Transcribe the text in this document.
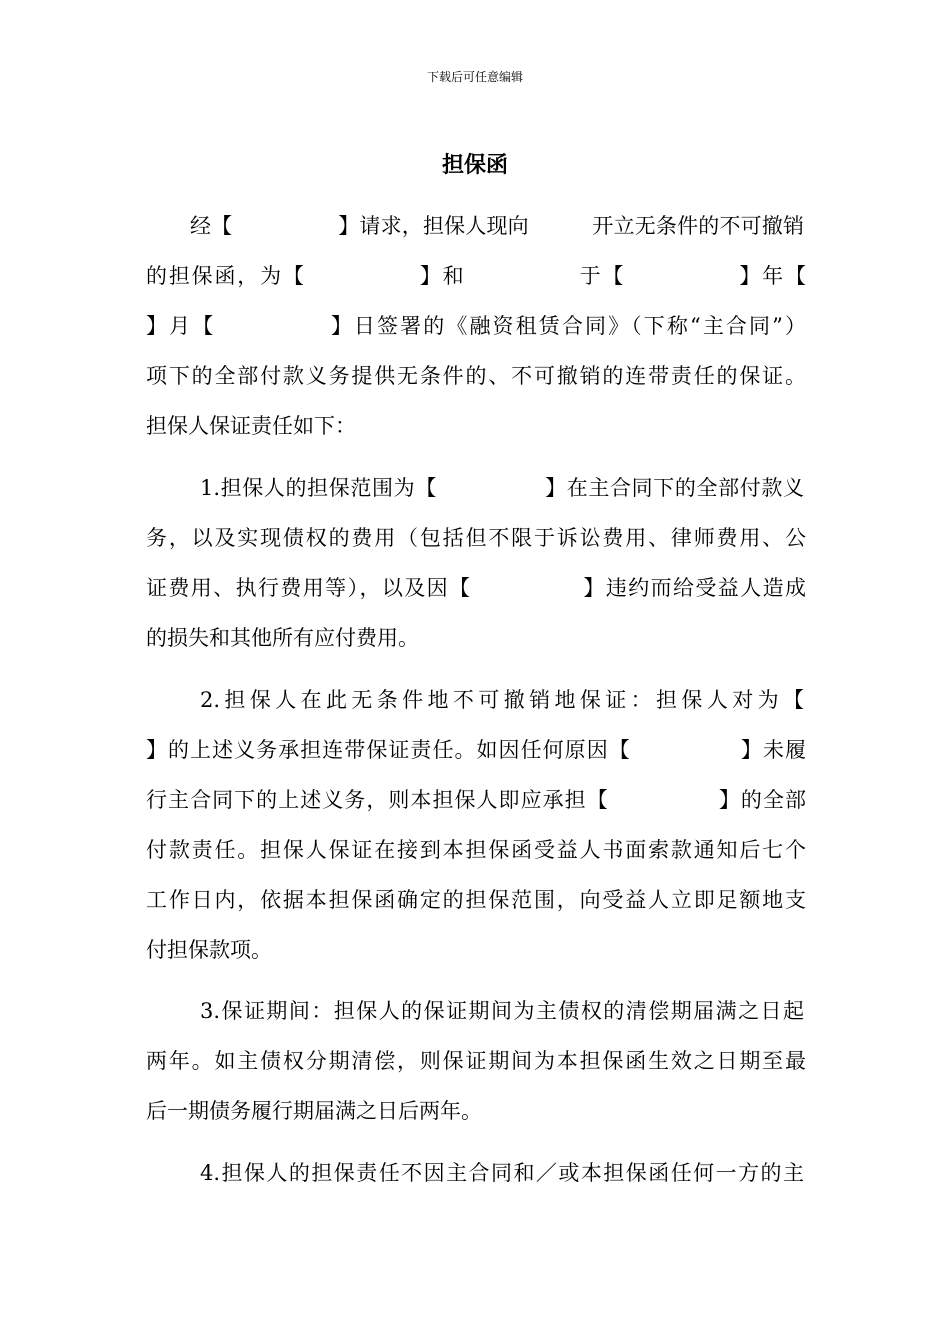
下载后可任意编辑
担保函
经【　　　　　】请求，担保人现向　　　开立无条件的不可撤销
的担保函，为【　　　　　】和　　　　　于【　　　　　】年【
】月【　　　　　】日签署的《融资租赁合同》（下称“主合同”）
项下的全部付款义务提供无条件的、不可撤销的连带责任的保证。
担保人保证责任如下：
1.担保人的担保范围为【　　　　　】在主合同下的全部付款义
务，以及实现债权的费用（包括但不限于诉讼费用、律师费用、公
证费用、执行费用等），以及因【　　　　　】违约而给受益人造成
的损失和其他所有应付费用。
2.担保人在此无条件地不可撤销地保证：担保人对为【
】的上述义务承担连带保证责任。如因任何原因【　　　　　】未履
行主合同下的上述义务，则本担保人即应承担【　　　　　】的全部
付款责任。担保人保证在接到本担保函受益人书面索款通知后七个
工作日内，依据本担保函确定的担保范围，向受益人立即足额地支
付担保款项。
3.保证期间：担保人的保证期间为主债权的清偿期届满之日起
两年。如主债权分期清偿，则保证期间为本担保函生效之日期至最
后一期债务履行期届满之日后两年。
4.担保人的担保责任不因主合同和／或本担保函任何一方的主
